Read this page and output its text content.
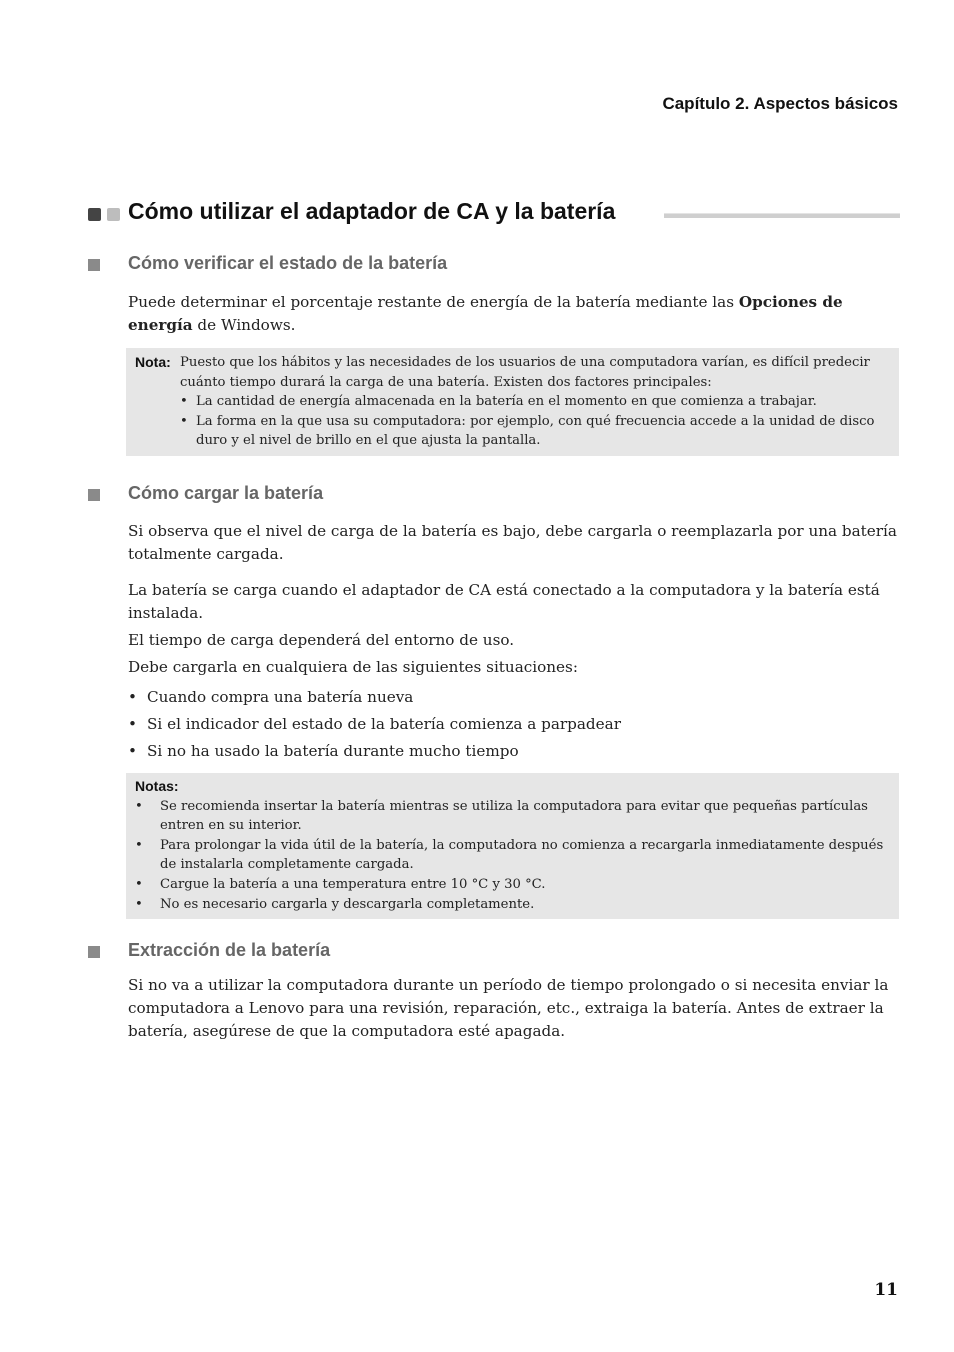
Capítulo 2. Aspectos básicos
Cómo utilizar el adaptador de CA y la batería
Cómo verificar el estado de la batería

Puede determinar el porcentaje restante de energía de la batería mediante las Opciones de energía de Windows.

Nota: Puesto que los hábitos y las necesidades de los usuarios de una computadora varían, es difícil predecir cuánto tiempo durará la carga de una batería. Existen dos factores principales:
• La cantidad de energía almacenada en la batería en el momento en que comienza a trabajar.
• La forma en la que usa su computadora: por ejemplo, con qué frecuencia accede a la unidad de disco duro y el nivel de brillo en el que ajusta la pantalla.
Cómo cargar la batería

Si observa que el nivel de carga de la batería es bajo, debe cargarla o reemplazarla por una batería totalmente cargada.

La batería se carga cuando el adaptador de CA está conectado a la computadora y la batería está instalada.

El tiempo de carga dependerá del entorno de uso.

Debe cargarla en cualquiera de las siguientes situaciones:

• Cuando compra una batería nueva
• Si el indicador del estado de la batería comienza a parpadear
• Si no ha usado la batería durante mucho tiempo
Notas:
• Se recomienda insertar la batería mientras se utiliza la computadora para evitar que pequeñas partículas entren en su interior.
• Para prolongar la vida útil de la batería, la computadora no comienza a recargarla inmediatamente después de instalarla completamente cargada.
• Cargue la batería a una temperatura entre 10 °C y 30 °C.
• No es necesario cargarla y descargarla completamente.
Extracción de la batería

Si no va a utilizar la computadora durante un período de tiempo prolongado o si necesita enviar la computadora a Lenovo para una revisión, reparación, etc., extraiga la batería. Antes de extraer la batería, asegúrese de que la computadora esté apagada.

11
